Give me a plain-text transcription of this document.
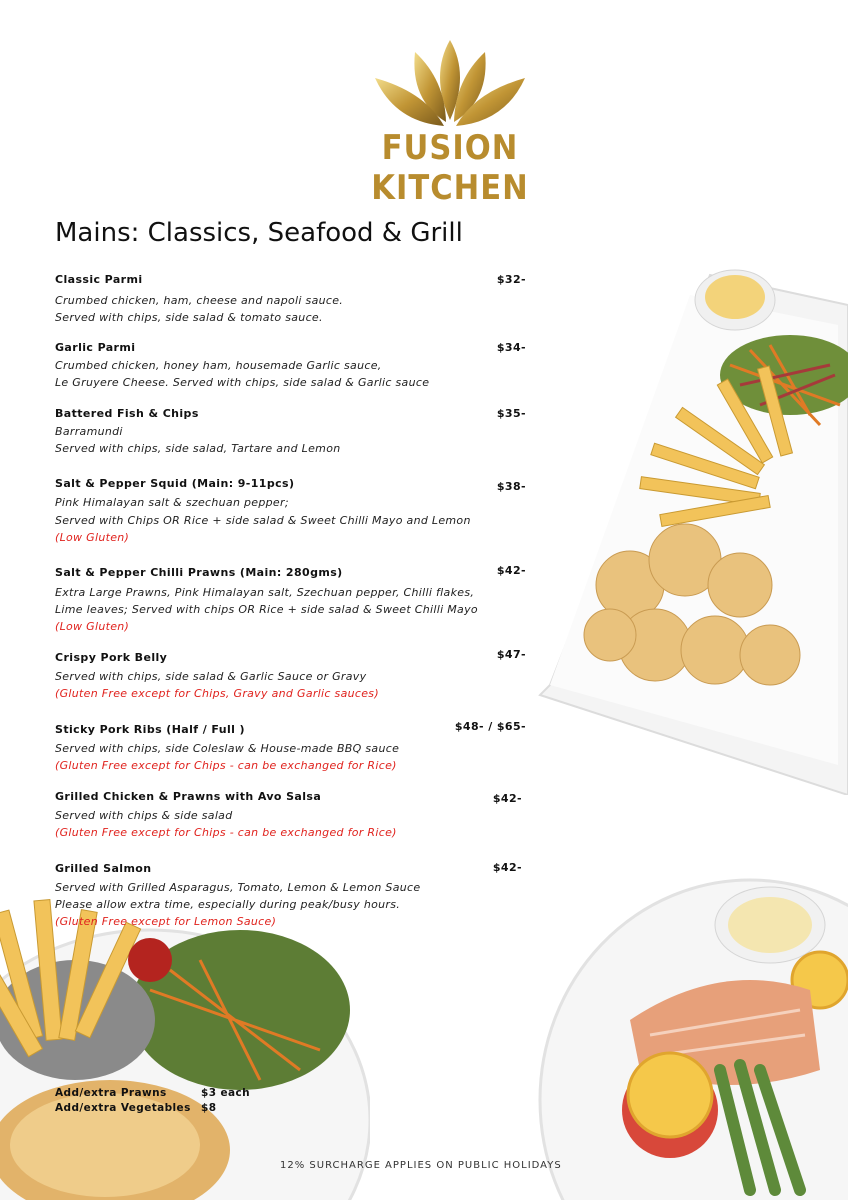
FUSION KITCHEN
Mains: Classics, Seafood & Grill
Classic Parmi	$32-
Crumbed chicken, ham, cheese and napoli sauce.
Served with chips, side salad & tomato sauce.
Garlic Parmi	$34-
Crumbed chicken, honey ham, housemade Garlic sauce,
Le Gruyere Cheese. Served with chips, side salad & Garlic sauce
Battered Fish & Chips	$35-
Barramundi
Served with chips, side salad, Tartare and Lemon
Salt & Pepper Squid (Main: 9-11pcs)	$38-
Pink Himalayan salt & szechuan pepper;
Served with Chips OR Rice + side salad & Sweet Chilli Mayo and Lemon
(Low Gluten)
Salt & Pepper Chilli Prawns (Main: 280gms)	$42-
Extra Large Prawns, Pink Himalayan salt, Szechuan pepper, Chilli flakes,
Lime leaves; Served with chips OR Rice + side salad & Sweet Chilli Mayo
(Low Gluten)
Crispy Pork Belly	$47-
Served with chips, side salad & Garlic Sauce or Gravy
(Gluten Free except for Chips, Gravy and Garlic sauces)
Sticky Pork Ribs (Half / Full )	$48- / $65-
Served with chips, side Coleslaw & House-made BBQ sauce
(Gluten Free except for Chips - can be exchanged for Rice)
Grilled Chicken & Prawns with Avo Salsa	$42-
Served with chips & side salad
(Gluten Free except for Chips - can be exchanged for Rice)
Grilled Salmon	$42-
Served with Grilled Asparagus, Tomato, Lemon & Lemon Sauce
Please allow extra time, especially during peak/busy hours.
(Gluten Free except for Lemon Sauce)
Add/extra Prawns	$3 each
Add/extra Vegetables $8
12% SURCHARGE APPLIES ON PUBLIC HOLIDAYS
